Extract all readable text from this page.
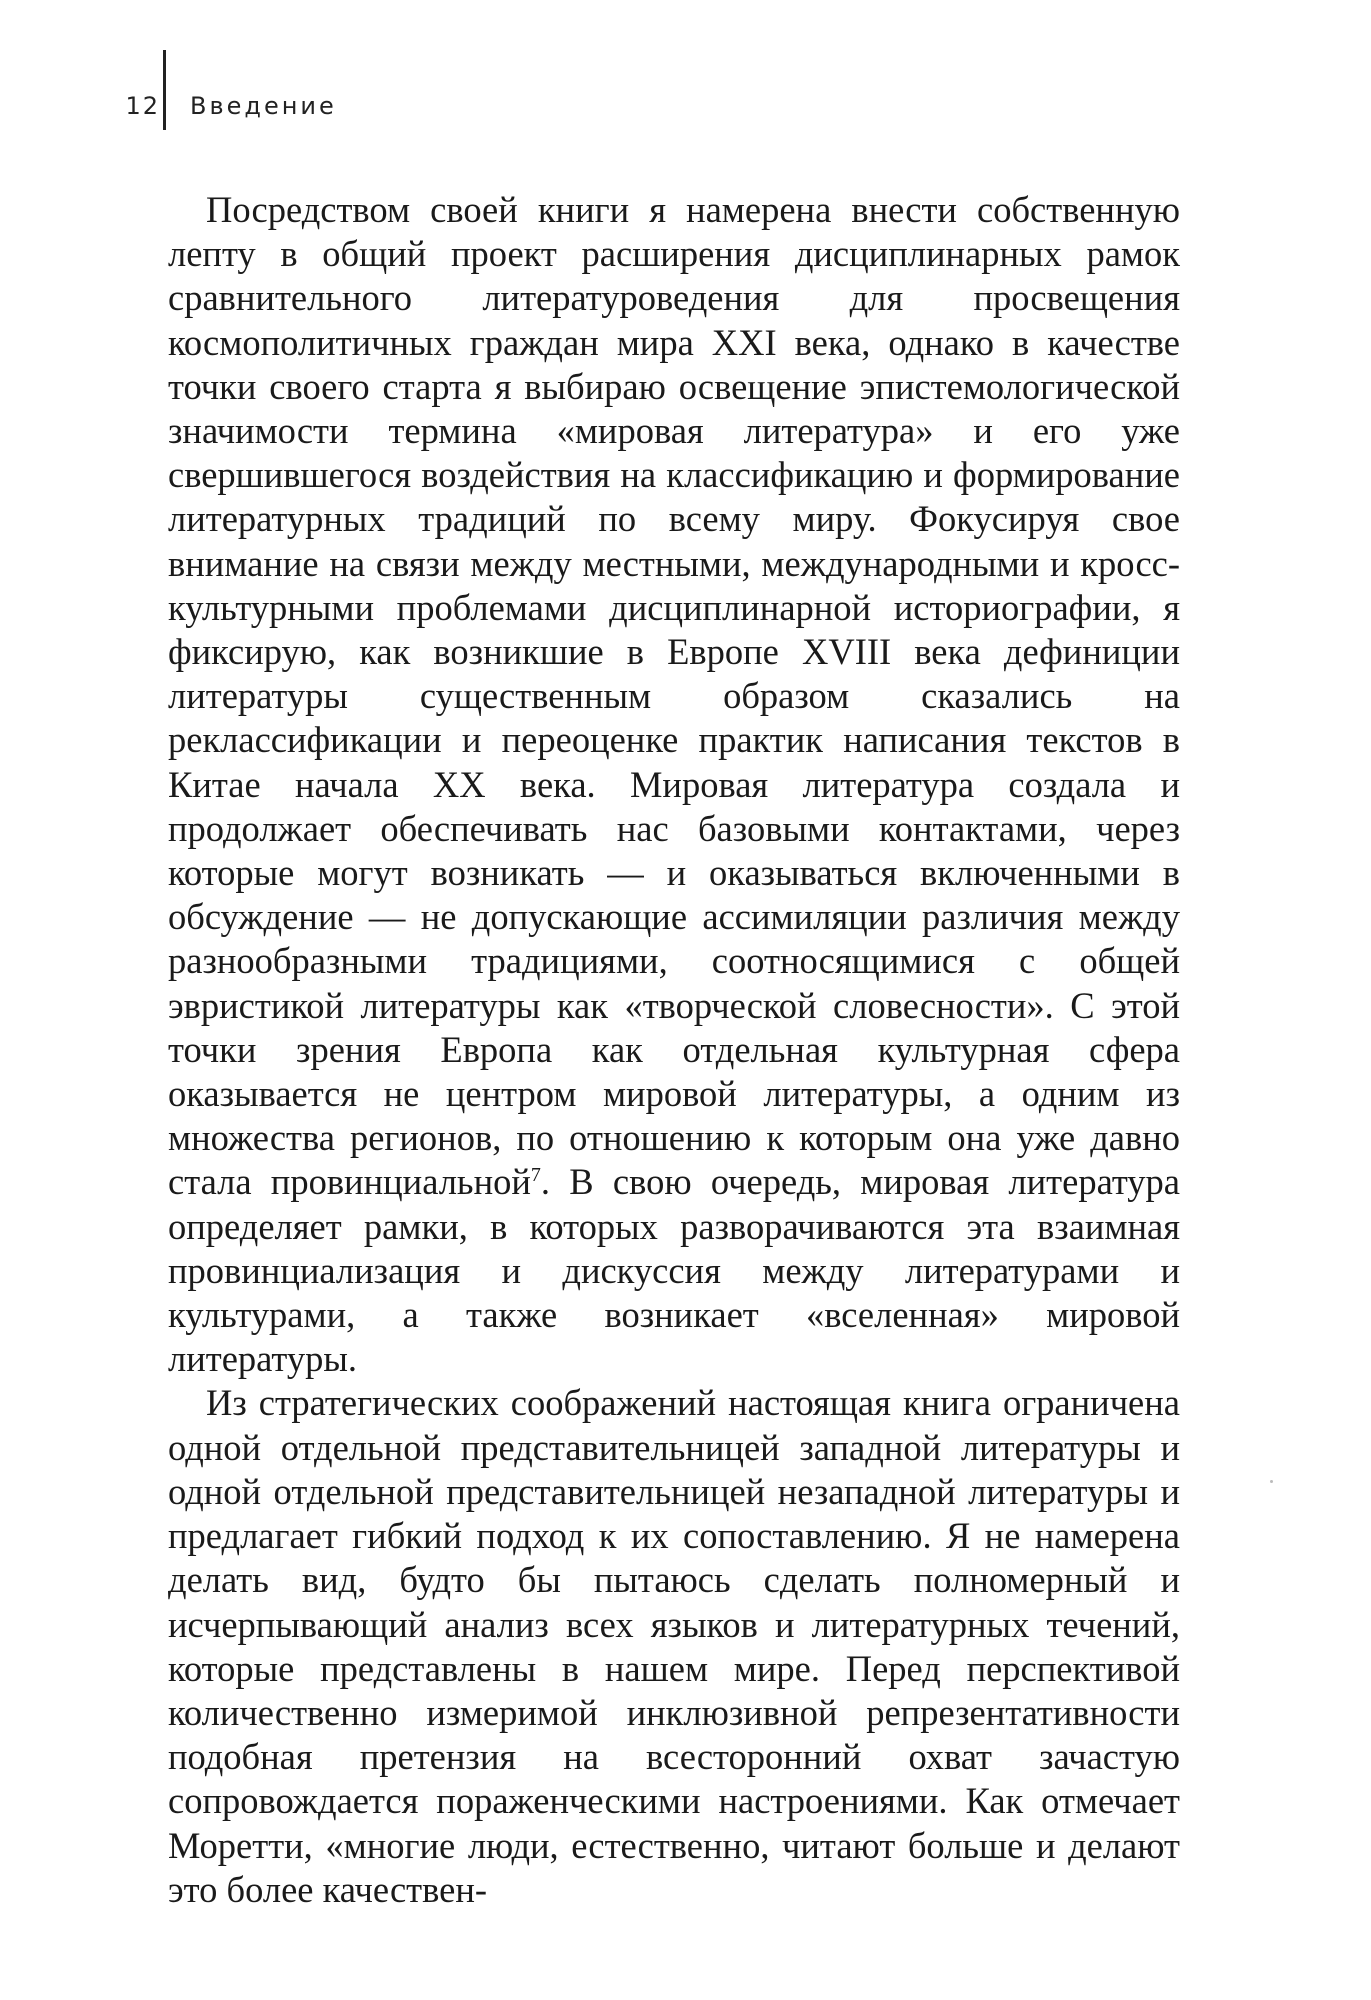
12	Введение

Посредством своей книги я намерена внести собственную лепту в общий проект расширения дисциплинарных рамок сравнительного литературоведения для просвещения космополитичных граждан мира XXI века, однако в качестве точки своего старта я выбираю освещение эпистемологической значимости термина «мировая литература» и его уже свершившегося воздействия на классификацию и формирование литературных традиций по всему миру. Фокусируя свое внимание на связи между местными, международными и кросс-культурными проблемами дисциплинарной историографии, я фиксирую, как возникшие в Европе XVIII века дефиниции литературы существенным образом сказались на реклассификации и переоценке практик написания текстов в Китае начала XX века. Мировая литература создала и продолжает обеспечивать нас базовыми контактами, через которые могут возникать — и оказываться включенными в обсуждение — не допускающие ассимиляции различия между разнообразными традициями, соотносящимися с общей эвристикой литературы как «творческой словесности». С этой точки зрения Европа как отдельная культурная сфера оказывается не центром мировой литературы, а одним из множества регионов, по отношению к которым она уже давно стала провинциальной$^7$. В свою очередь, мировая литература определяет рамки, в которых разворачиваются эта взаимная провинциализация и дискуссия между литературами и культурами, а также возникает «вселенная» мировой литературы.

Из стратегических соображений настоящая книга ограничена одной отдельной представительницей западной литературы и одной отдельной представительницей незападной литературы и предлагает гибкий подход к их сопоставлению. Я не намерена делать вид, будто бы пытаюсь сделать полномерный и исчерпывающий анализ всех языков и литературных течений, которые представлены в нашем мире. Перед перспективой количественно измеримой инклюзивной репрезентативности подобная претензия на всесторонний охват зачастую сопровождается пораженческими настроениями. Как отмечает Моретти, «многие люди, естественно, читают больше и делают это более качествен-
